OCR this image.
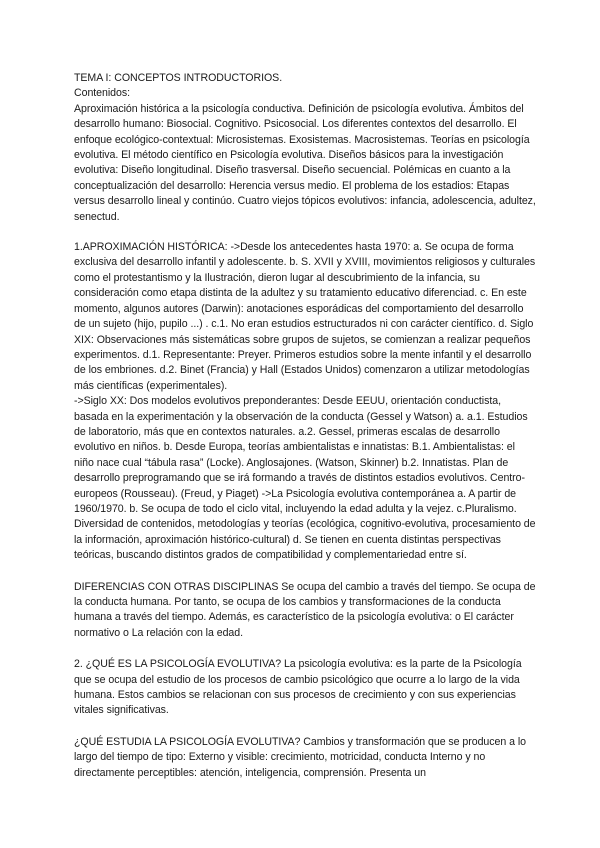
TEMA I: CONCEPTOS INTRODUCTORIOS.

Contenidos:

Aproximación histórica a la psicología conductiva. Definición de psicología evolutiva. Ámbitos del desarrollo humano: Biosocial. Cognitivo. Psicosocial. Los diferentes contextos del desarrollo. El enfoque ecológico-contextual: Microsistemas. Exosistemas. Macrosistemas. Teorías en psicología evolutiva. El método científico en Psicología evolutiva. Diseños básicos para la investigación evolutiva: Diseño longitudinal. Diseño trasversal. Diseño secuencial. Polémicas en cuanto a la conceptualización del desarrollo: Herencia versus medio. El problema de los estadios: Etapas versus desarrollo lineal y continúo. Cuatro viejos tópicos evolutivos: infancia, adolescencia, adultez, senectud.

1.APROXIMACIÓN HISTÓRICA: ->Desde los antecedentes hasta 1970: a. Se ocupa de forma exclusiva del desarrollo infantil y adolescente. b. S. XVII y XVIII, movimientos religiosos y culturales como el protestantismo y la Ilustración, dieron lugar al descubrimiento de la infancia, su consideración como etapa distinta de la adultez y su tratamiento educativo diferenciad. c. En este momento, algunos autores (Darwin): anotaciones esporádicas del comportamiento del desarrollo de un sujeto (hijo, pupilo ...) . c.1. No eran estudios estructurados ni con carácter científico. d. Siglo XIX: Observaciones más sistemáticas sobre grupos de sujetos, se comienzan a realizar pequeños experimentos. d.1. Representante: Preyer. Primeros estudios sobre la mente infantil y el desarrollo de los embriones. d.2. Binet (Francia) y Hall (Estados Unidos) comenzaron a utilizar metodologías más científicas (experimentales).

->Siglo XX: Dos modelos evolutivos preponderantes: Desde EEUU, orientación conductista, basada en la experimentación y la observación de la conducta (Gessel y Watson) a. a.1. Estudios de laboratorio, más que en contextos naturales. a.2. Gessel, primeras escalas de desarrollo evolutivo en niños. b. Desde Europa, teorías ambientalistas e innatistas: B.1. Ambientalistas: el niño nace cual “tábula rasa” (Locke). Anglosajones. (Watson, Skinner) b.2. Innatistas. Plan de desarrollo preprogramando que se irá formando a través de distintos estadios evolutivos. Centro-europeos (Rousseau). (Freud, y Piaget) ->La Psicología evolutiva contemporánea a. A partir de 1960/1970. b. Se ocupa de todo el ciclo vital, incluyendo la edad adulta y la vejez. c.Pluralismo. Diversidad de contenidos, metodologías y teorías (ecológica, cognitivo-evolutiva, procesamiento de la información, aproximación histórico-cultural) d. Se tienen en cuenta distintas perspectivas teóricas, buscando distintos grados de compatibilidad y complementariedad entre sí.

DIFERENCIAS CON OTRAS DISCIPLINAS Se ocupa del cambio a través del tiempo. Se ocupa de la conducta humana. Por tanto, se ocupa de los cambios y transformaciones de la conducta humana a través del tiempo. Además, es característico de la psicología evolutiva: o El carácter normativo o La relación con la edad.

2. ¿QUÉ ES LA PSICOLOGÍA EVOLUTIVA? La psicología evolutiva: es la parte de la Psicología que se ocupa del estudio de los procesos de cambio psicológico que ocurre a lo largo de la vida humana. Estos cambios se relacionan con sus procesos de crecimiento y con sus experiencias vitales significativas.

¿QUÉ ESTUDIA LA PSICOLOGÍA EVOLUTIVA? Cambios y transformación que se producen a lo largo del tiempo de tipo: Externo y visible: crecimiento, motricidad, conducta Interno y no directamente perceptibles: atención, inteligencia, comprensión. Presenta un
